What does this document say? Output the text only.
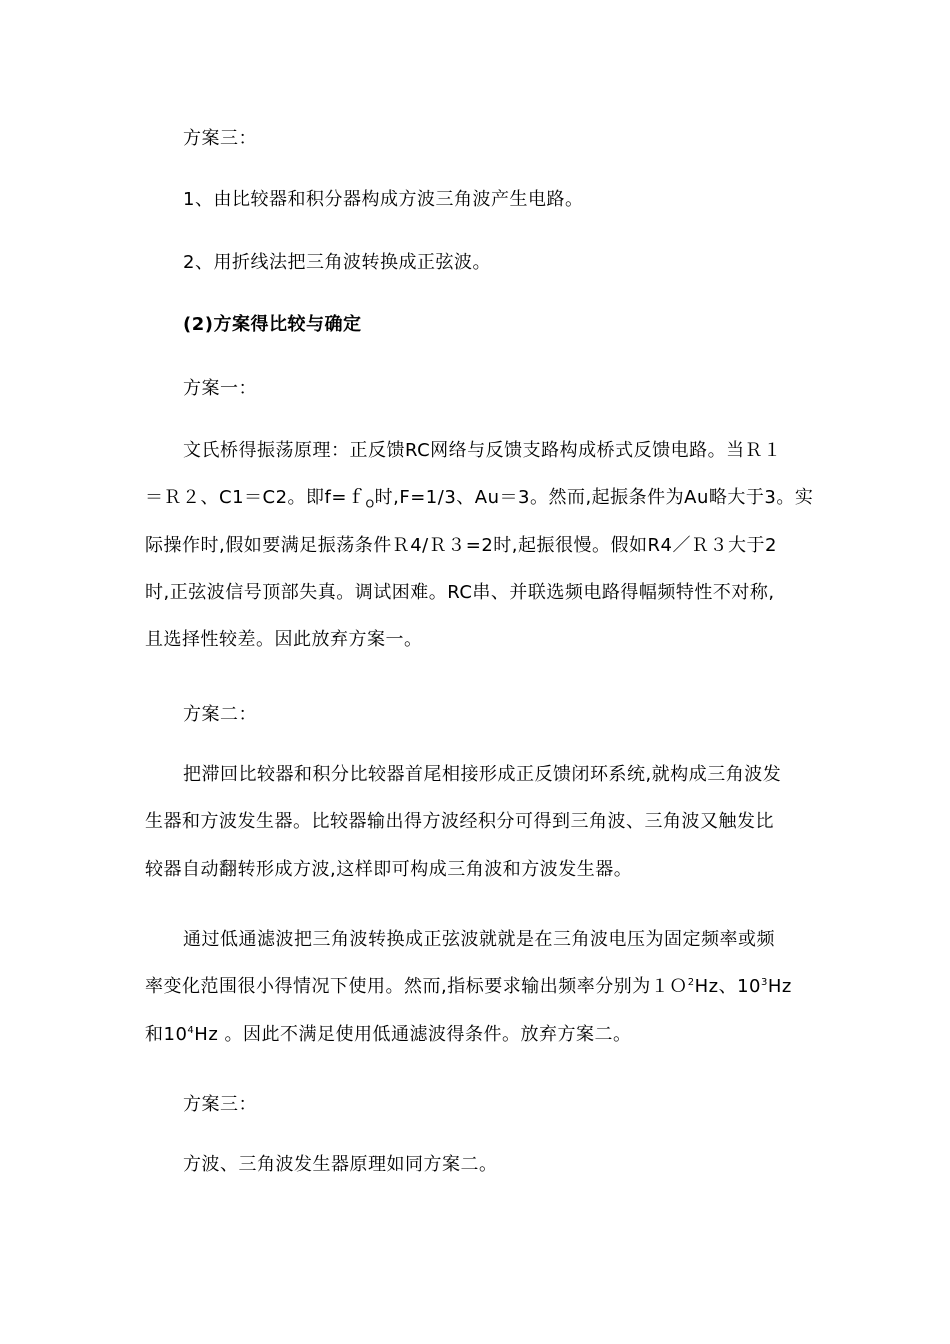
方案三：

1、由比较器和积分器构成方波三角波产生电路。

2、用折线法把三角波转换成正弦波。

(2)方案得比较与确定

方案一：

文氏桥得振荡原理：正反馈RC网络与反馈支路构成桥式反馈电路。当Ｒ１

＝Ｒ２、C1＝C2。即f=ｆ$_O$时,F=1/3、Au＝3。然而,起振条件为Au略大于3。实

际操作时,假如要满足振荡条件Ｒ4/Ｒ３=2时,起振很慢。假如R4／Ｒ３大于2

时,正弦波信号顶部失真。调试困难。RC串、并联选频电路得幅频特性不对称,

且选择性较差。因此放弃方案一。

方案二：

把滞回比较器和积分比较器首尾相接形成正反馈闭环系统,就构成三角波发

生器和方波发生器。比较器输出得方波经积分可得到三角波、三角波又触发比

较器自动翻转形成方波,这样即可构成三角波和方波发生器。

通过低通滤波把三角波转换成正弦波就就是在三角波电压为固定频率或频

率变化范围很小得情况下使用。然而,指标要求输出频率分别为１Ｏ$^2$Hz、$10^3Hz$

和$10^4Hz$ 。因此不满足使用低通滤波得条件。放弃方案二。

方案三：

方波、三角波发生器原理如同方案二。
